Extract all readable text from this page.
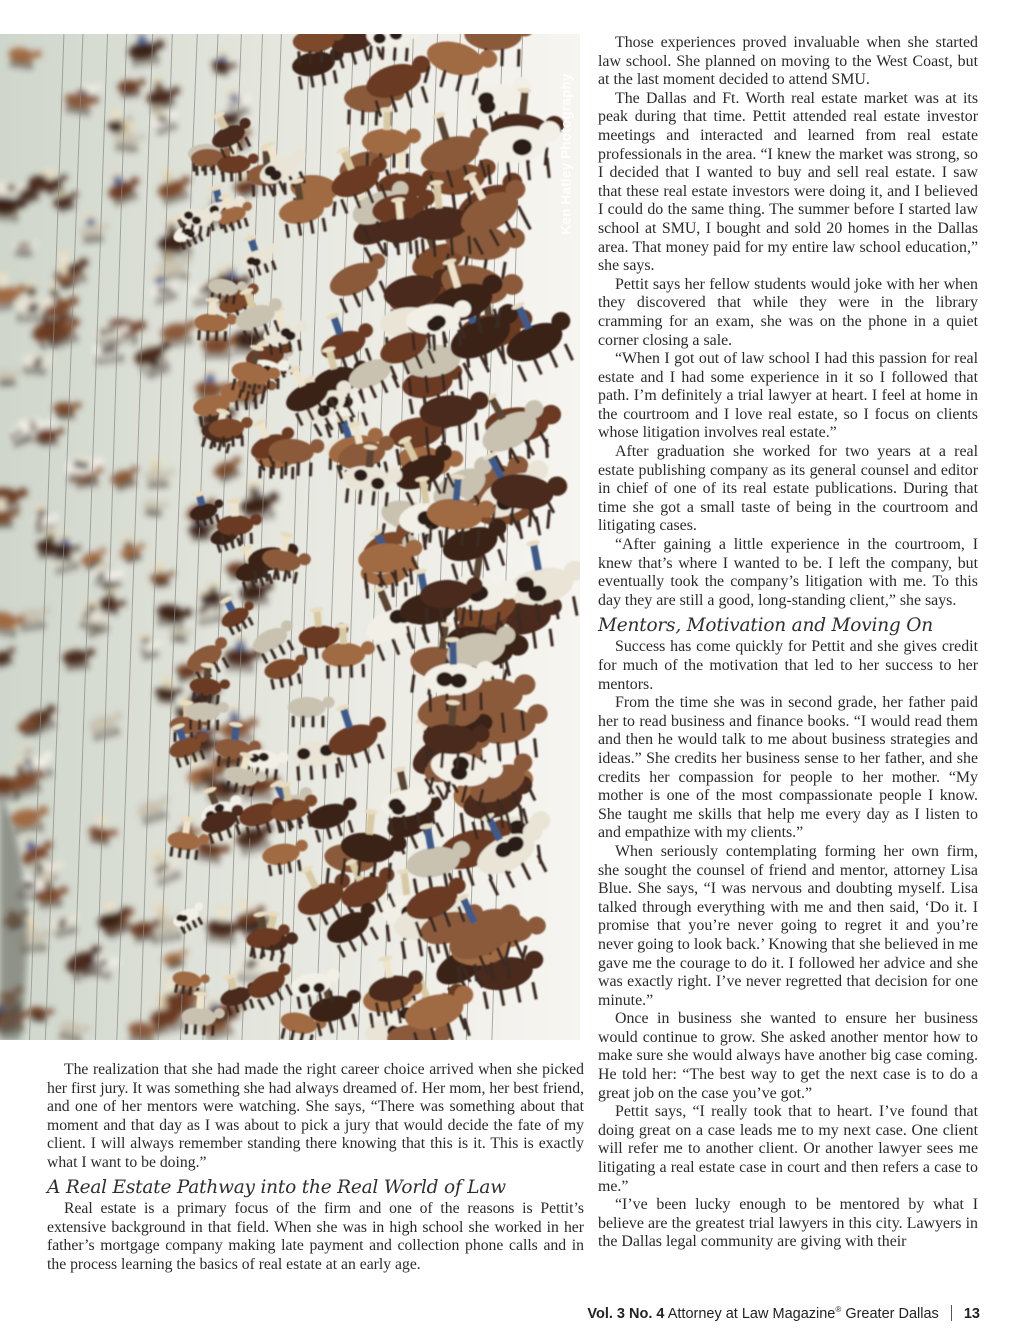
Ken Hatley Photography

The realization that she had made the right career choice arrived when she picked her first jury. It was something she had always dreamed of. Her mom, her best friend, and one of her mentors were watching. She says, “There was something about that moment and that day as I was about to pick a jury that would decide the fate of my client. I will always remember standing there knowing that this is it. This is exactly what I want to be doing.”

A Real Estate Pathway into the Real World of Law

Real estate is a primary focus of the firm and one of the reasons is Pettit’s extensive background in that field. When she was in high school she worked in her father’s mortgage company making late payment and collection phone calls and in the process learning the basics of real estate at an early age.

Those experiences proved invaluable when she started law school. She planned on moving to the West Coast, but at the last moment decided to attend SMU.

The Dallas and Ft. Worth real estate market was at its peak during that time. Pettit attended real estate investor meetings and interacted and learned from real estate professionals in the area. “I knew the market was strong, so I decided that I wanted to buy and sell real estate. I saw that these real estate investors were doing it, and I believed I could do the same thing. The summer before I started law school at SMU, I bought and sold 20 homes in the Dallas area. That money paid for my entire law school education,” she says.

Pettit says her fellow students would joke with her when they discovered that while they were in the library cramming for an exam, she was on the phone in a quiet corner closing a sale.

“When I got out of law school I had this passion for real estate and I had some experience in it so I followed that path. I’m definitely a trial lawyer at heart. I feel at home in the courtroom and I love real estate, so I focus on clients whose litigation involves real estate.”

After graduation she worked for two years at a real estate publishing company as its general counsel and editor in chief of one of its real estate publications. During that time she got a small taste of being in the courtroom and litigating cases.

“After gaining a little experience in the courtroom, I knew that’s where I wanted to be. I left the company, but eventually took the company’s litigation with me. To this day they are still a good, long-standing client,” she says.

Mentors, Motivation and Moving On

Success has come quickly for Pettit and she gives credit for much of the motivation that led to her success to her mentors.

From the time she was in second grade, her father paid her to read business and finance books. “I would read them and then he would talk to me about business strategies and ideas.” She credits her business sense to her father, and she credits her compassion for people to her mother. “My mother is one of the most compassionate people I know. She taught me skills that help me every day as I listen to and empathize with my clients.”

When seriously contemplating forming her own firm, she sought the counsel of friend and mentor, attorney Lisa Blue. She says, “I was nervous and doubting myself. Lisa talked through everything with me and then said, ‘Do it. I promise that you’re never going to regret it and you’re never going to look back.’ Knowing that she believed in me gave me the courage to do it. I followed her advice and she was exactly right. I’ve never regretted that decision for one minute.”

Once in business she wanted to ensure her business would continue to grow. She asked another mentor how to make sure she would always have another big case coming. He told her: “The best way to get the next case is to do a great job on the case you’ve got.”

Pettit says, “I really took that to heart. I’ve found that doing great on a case leads me to my next case. One client will refer me to another client. Or another lawyer sees me litigating a real estate case in court and then refers a case to me.”

“I’ve been lucky enough to be mentored by what I believe are the greatest trial lawyers in this city. Lawyers in the Dallas legal community are giving with their

Vol. 3 No. 4 Attorney at Law Magazine® Greater Dallas 13
